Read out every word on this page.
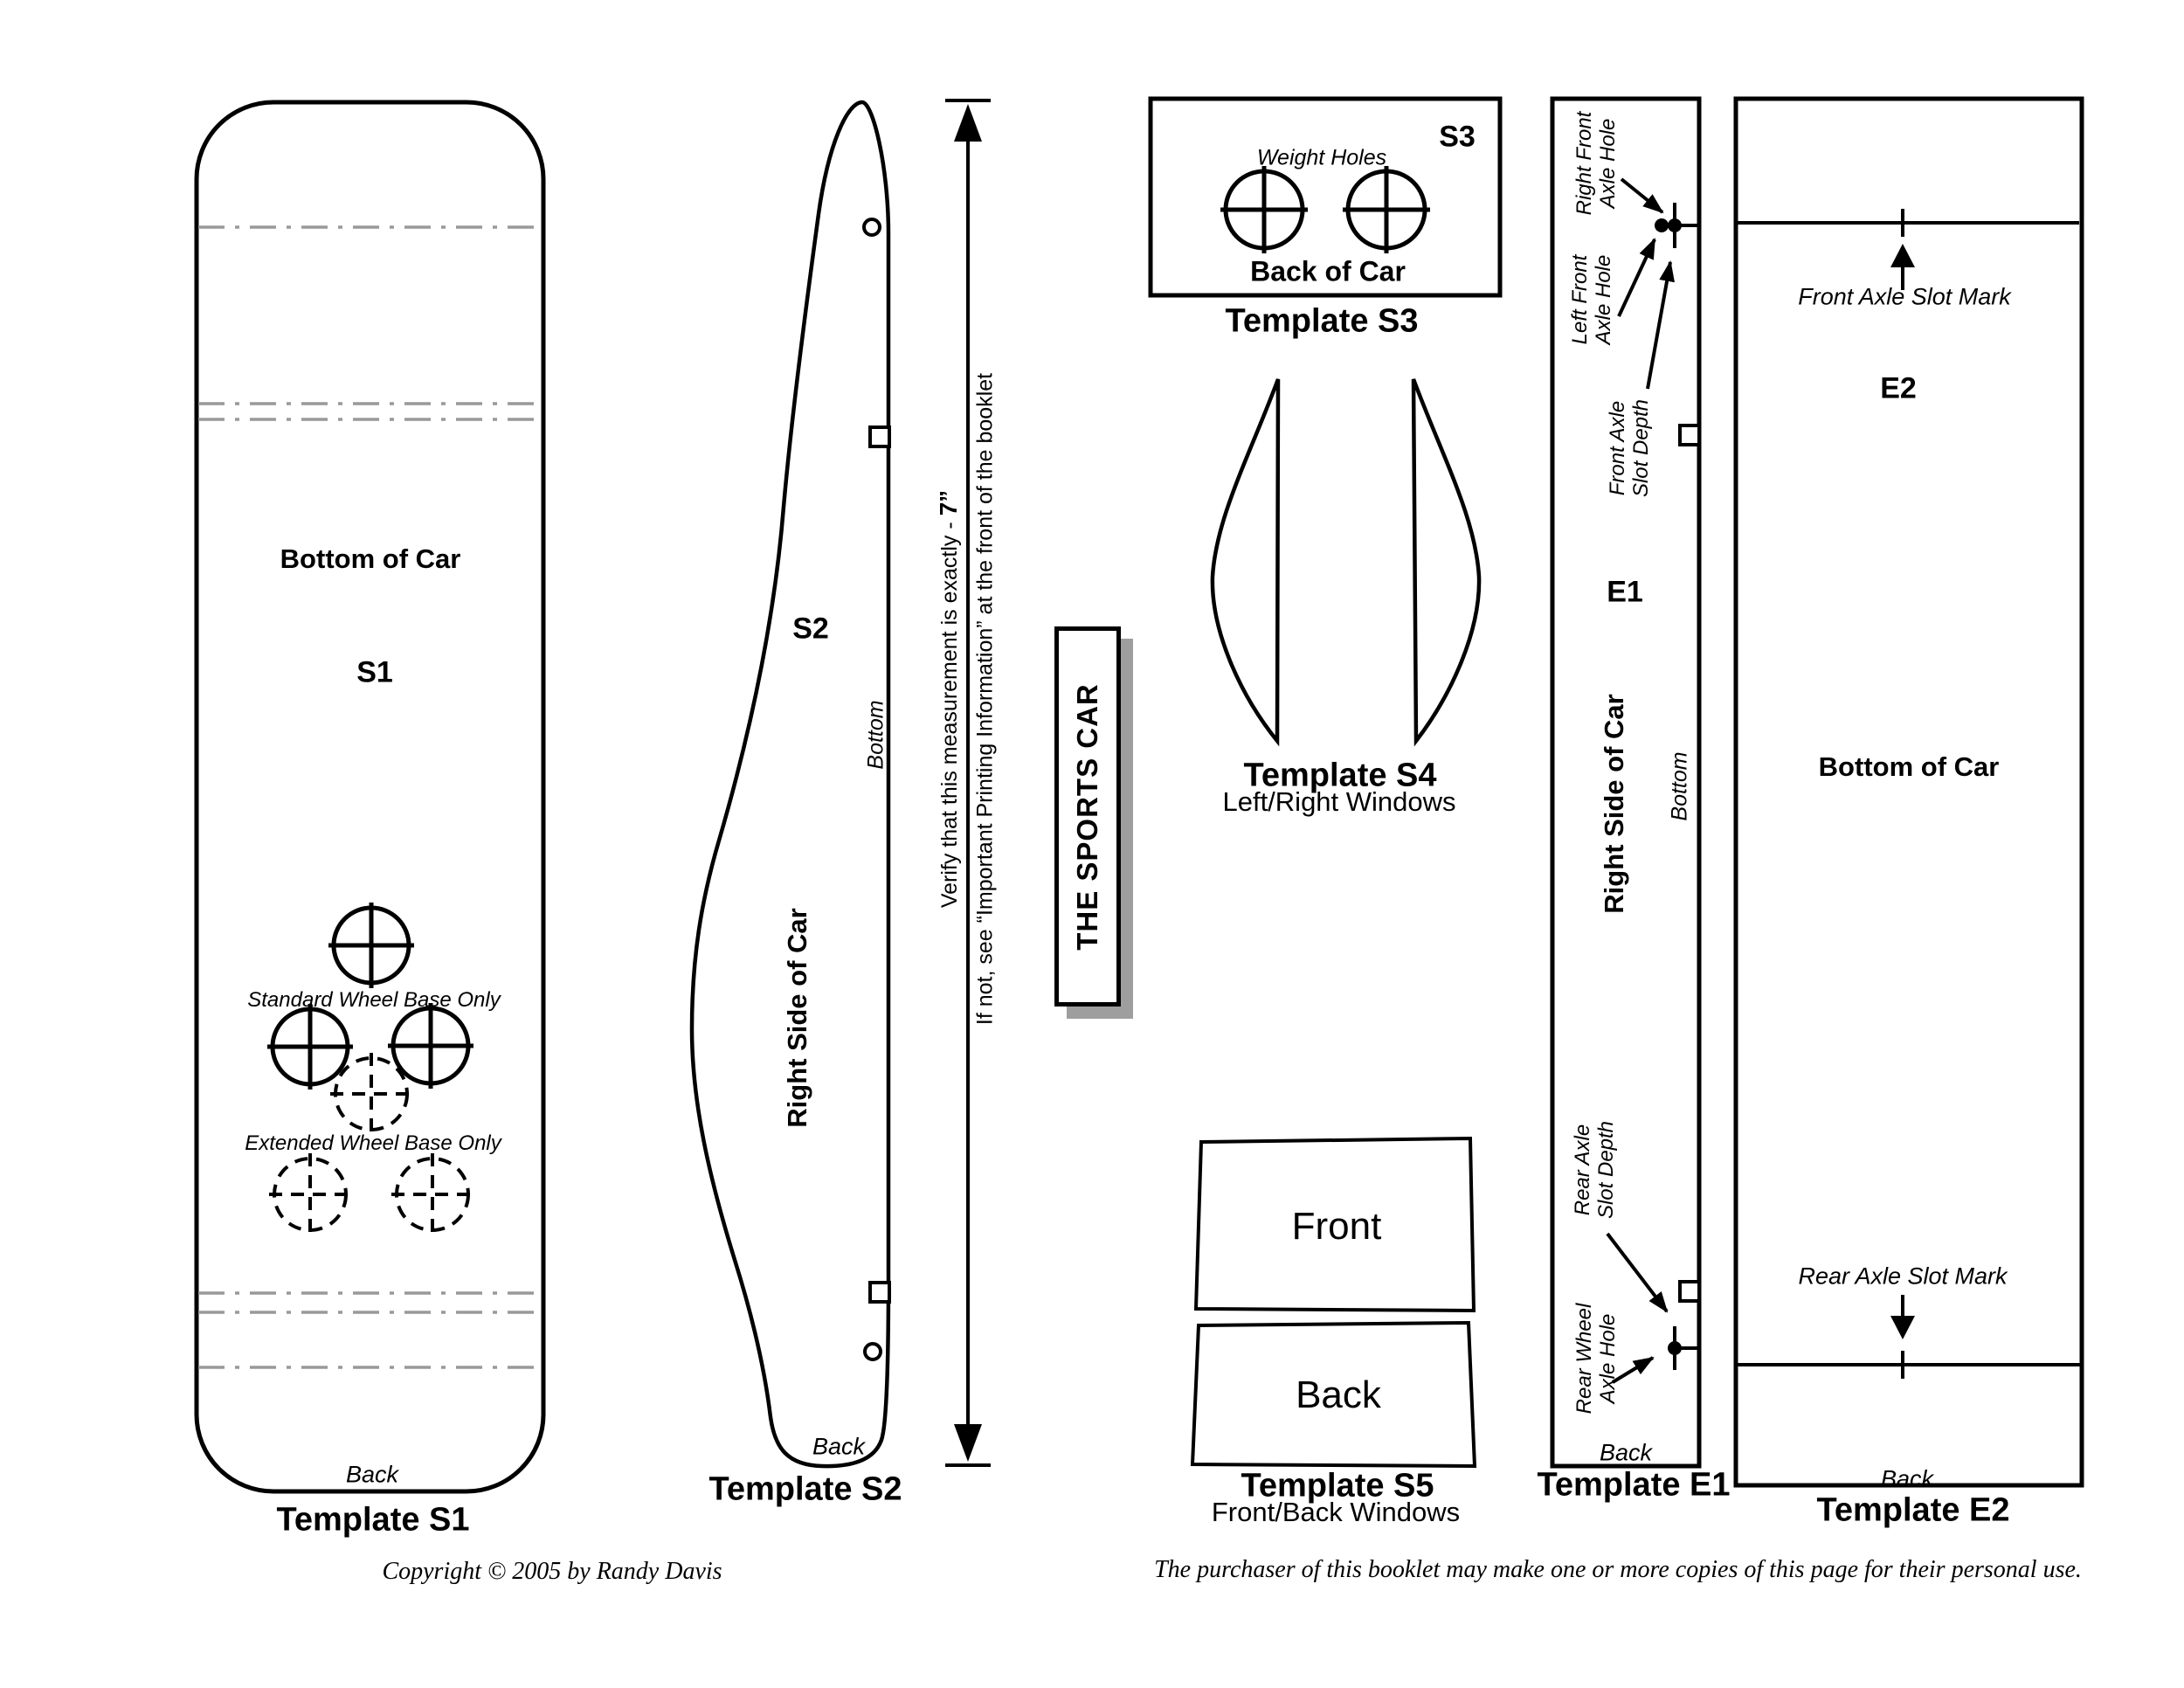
Bottom of Car
S1
Standard Wheel Base Only
Extended Wheel Base Only
Back
Template S1
S2
Bottom
Right Side of Car
Back
Template S2
Verify that this measurement is exactly - 7” If not, see “Important Printing Information” at the front of the booklet	THE SPORTS CAR
S3
Weight Holes
Back of Car
Template S3
Template S4
Left/Right Windows
Front
Back
Template S5
Front/Back Windows
Right Front Axle Hole
Left Front Axle Hole
Front Axle Slot Depth
E1
Right Side of Car Bottom
Rear Axle Slot Depth
Rear Wheel Axle Hole
Back
Template E1
Front Axle Slot Mark
E2
Bottom of Car
Rear Axle Slot Mark
Back
Template E2
Copyright © 2005 by Randy Davis	The purchaser of this booklet may make one or more copies of this page for their personal use.
